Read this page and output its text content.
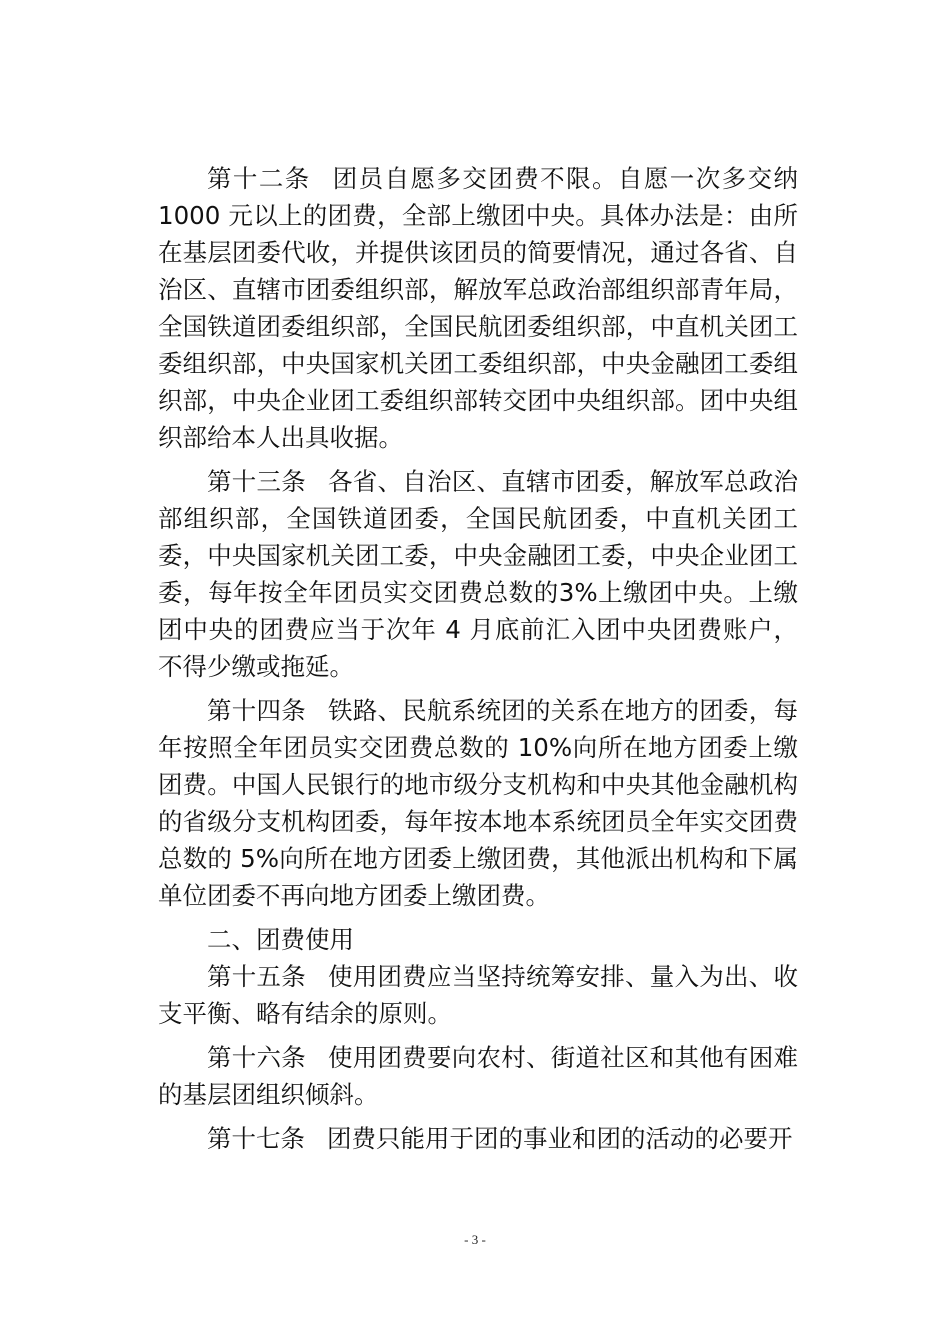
第十二条 团员自愿多交团费不限。自愿一次多交纳1000 元以上的团费，全部上缴团中央。具体办法是：由所在基层团委代收，并提供该团员的简要情况，通过各省、自治区、直辖市团委组织部，解放军总政治部组织部青年局，全国铁道团委组织部，全国民航团委组织部，中直机关团工委组织部，中央国家机关团工委组织部，中央金融团工委组织部，中央企业团工委组织部转交团中央组织部。团中央组织部给本人出具收据。

第十三条 各省、自治区、直辖市团委，解放军总政治部组织部，全国铁道团委，全国民航团委，中直机关团工委，中央国家机关团工委，中央金融团工委，中央企业团工委，每年按全年团员实交团费总数的3%上缴团中央。上缴团中央的团费应当于次年 4 月底前汇入团中央团费账户，不得少缴或拖延。

第十四条 铁路、民航系统团的关系在地方的团委，每年按照全年团员实交团费总数的 10%向所在地方团委上缴团费。中国人民银行的地市级分支机构和中央其他金融机构的省级分支机构团委，每年按本地本系统团员全年实交团费总数的 5%向所在地方团委上缴团费，其他派出机构和下属单位团委不再向地方团委上缴团费。

二、团费使用

第十五条 使用团费应当坚持统筹安排、量入为出、收支平衡、略有结余的原则。

第十六条 使用团费要向农村、街道社区和其他有困难的基层团组织倾斜。

第十七条 团费只能用于团的事业和团的活动的必要开

- 3 -
